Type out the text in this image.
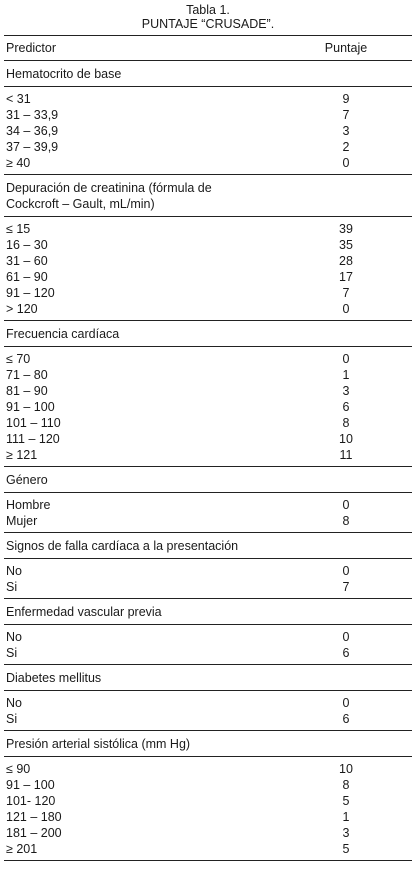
Tabla 1.
PUNTAJE “CRUSADE”.
Predictor	Puntaje

Hematocrito de base	

< 31	9
31 – 33,9	7
34 – 36,9	3
37 – 39,9	2
≥ 40	0

Depuración de creatinina (fórmula de
Cockcroft – Gault, mL/min)	

≤ 15	39
16 – 30	35
31 – 60	28
61 – 90	17
91 – 120	7
> 120	0

Frecuencia cardíaca	

≤ 70	0
71 – 80	1
81 – 90	3
91 – 100	6
101 – 110	8
111 – 120	10
≥ 121	11

Género	

Hombre	0
Mujer	8

Signos de falla cardíaca a la presentación	

No	0
Si	7

Enfermedad vascular previa	

No	0
Si	6

Diabetes mellitus	

No	0
Si	6

Presión arterial sistólica (mm Hg)	

≤ 90	10
91 – 100	8
101- 120	5
121 – 180	1
181 – 200	3
≥ 201	5
